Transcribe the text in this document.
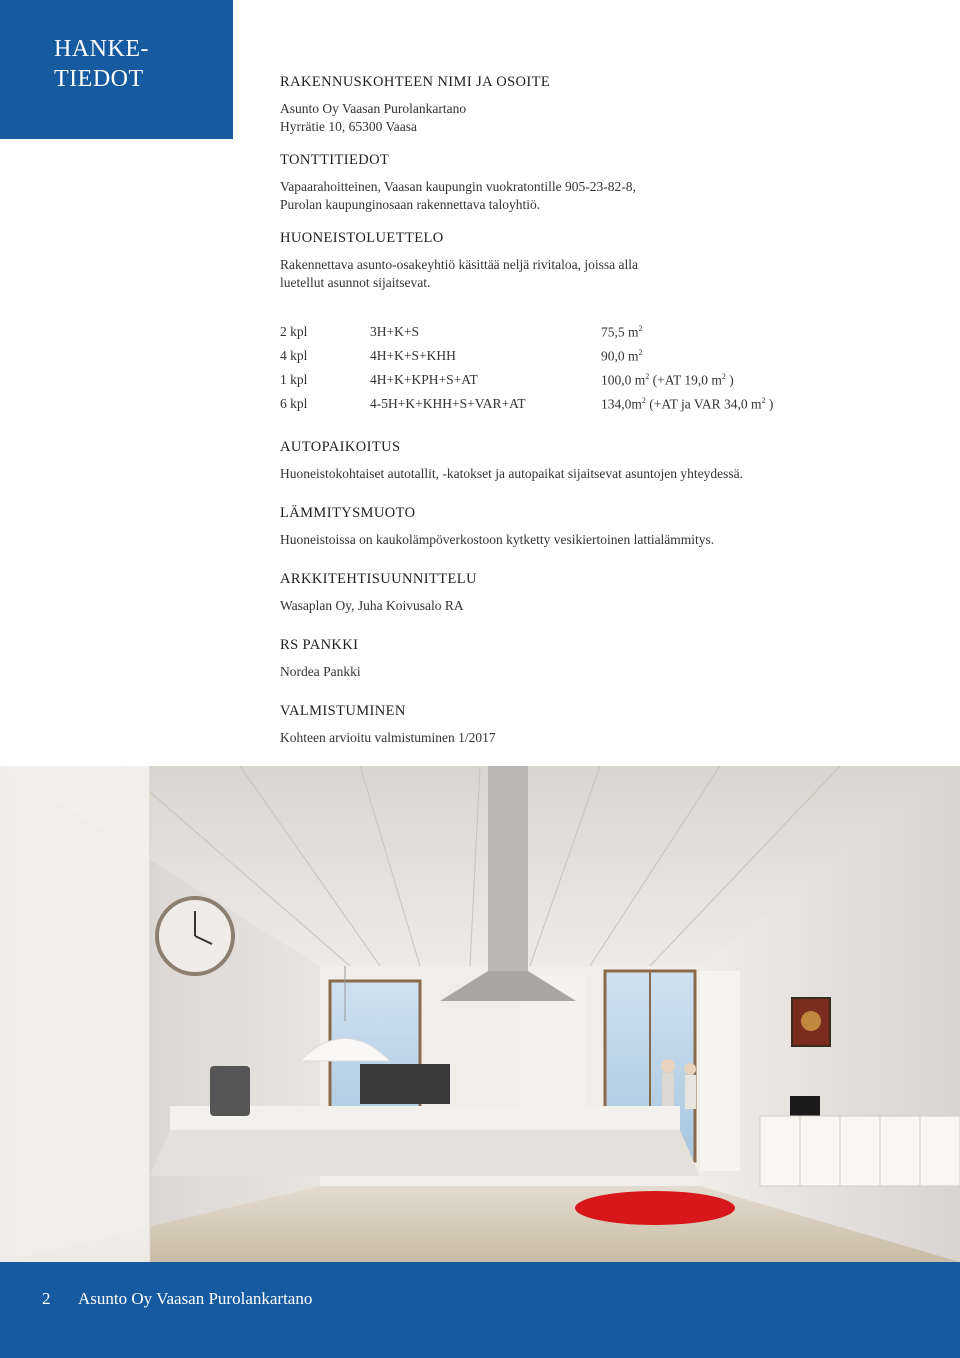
HANKE-
TIEDOT	RAKENNUSKOHTEEN NIMI JA OSOITE
Asunto Oy Vaasan Purolankartano
Hyrrätie 10, 65300 Vaasa
TONTTITIEDOT
Vapaarahoitteinen, Vaasan kaupungin vuokratontille 905-23-82-8,
Purolan kaupunginosaan rakennettava taloyhtiö.
HUONEISTOLUETTELO
Rakennettava asunto-osakeyhtiö käsittää neljä rivitaloa, joissa alla
luetellut asunnot sijaitsevat.
2 kpl	3H+K+S	75,5 $m^2$
4 kpl	4H+K+S+KHH	90,0 $m^2$
1 kpl	4H+K+KPH+S+AT	100,0 $m^2$ (+AT 19,0 $m^2$ )
6 kpl	4-5H+K+KHH+S+VAR+AT	$134,0m^2$ (+AT ja VAR 34,0 $m^2$ )
AUTOPAIKOITUS
Huoneistokohtaiset autotallit, -katokset ja autopaikat sijaitsevat asuntojen yhteydessä.
LÄMMITYSMUOTO
Huoneistoissa on kaukolämpöverkostoon kytketty vesikiertoinen lattialämmitys.
ARKKITEHTISUUNNITTELU
Wasaplan Oy, Juha Koivusalo RA
RS PANKKI
Nordea Pankki
VALMISTUMINEN
Kohteen arvioitu valmistuminen 1/2017
2 Asunto Oy Vaasan Purolankartano
